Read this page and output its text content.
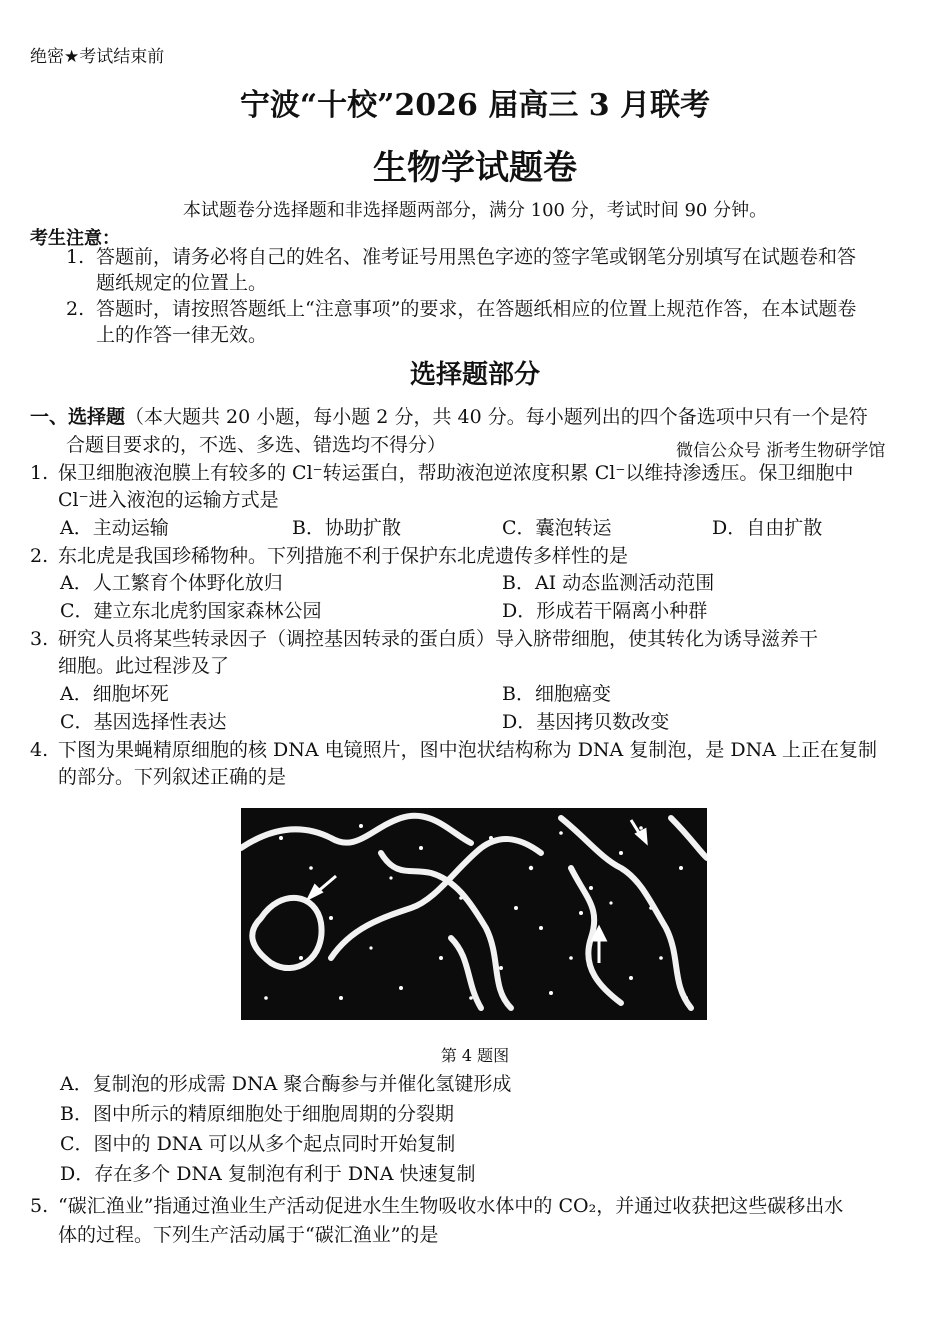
绝密★考试结束前
宁波“十校”2026 届高三 3 月联考
生物学试题卷
本试题卷分选择题和非选择题两部分，满分 100 分，考试时间 90 分钟。
考生注意：
1. 答题前，请务必将自己的姓名、准考证号用黑色字迹的签字笔或钢笔分别填写在试题卷和答
题纸规定的位置上。
2. 答题时，请按照答题纸上“注意事项”的要求，在答题纸相应的位置上规范作答，在本试题卷
上的作答一律无效。
选择题部分
一、选择题（本大题共 20 小题，每小题 2 分，共 40 分。每小题列出的四个备选项中只有一个是符
合题目要求的，不选、多选、错选均不得分）	微信公众号 浙考生物研学馆
1. 保卫细胞液泡膜上有较多的 Cl⁻转运蛋白，帮助液泡逆浓度积累 Cl⁻以维持渗透压。保卫细胞中
Cl⁻进入液泡的运输方式是
A．主动运输	B．协助扩散	C．囊泡转运	D．自由扩散
2. 东北虎是我国珍稀物种。下列措施不利于保护东北虎遗传多样性的是
A．人工繁育个体野化放归	B．AI 动态监测活动范围
C．建立东北虎豹国家森林公园	D．形成若干隔离小种群
3. 研究人员将某些转录因子（调控基因转录的蛋白质）导入脐带细胞，使其转化为诱导滋养干
细胞。此过程涉及了
A．细胞坏死	B．细胞癌变
C．基因选择性表达	D．基因拷贝数改变
4. 下图为果蝇精原细胞的核 DNA 电镜照片，图中泡状结构称为 DNA 复制泡，是 DNA 上正在复制
的部分。下列叙述正确的是
第 4 题图
A．复制泡的形成需 DNA 聚合酶参与并催化氢键形成
B．图中所示的精原细胞处于细胞周期的分裂期
C．图中的 DNA 可以从多个起点同时开始复制
D．存在多个 DNA 复制泡有利于 DNA 快速复制
5. “碳汇渔业”指通过渔业生产活动促进水生生物吸收水体中的 CO₂，并通过收获把这些碳移出水
体的过程。下列生产活动属于“碳汇渔业”的是
